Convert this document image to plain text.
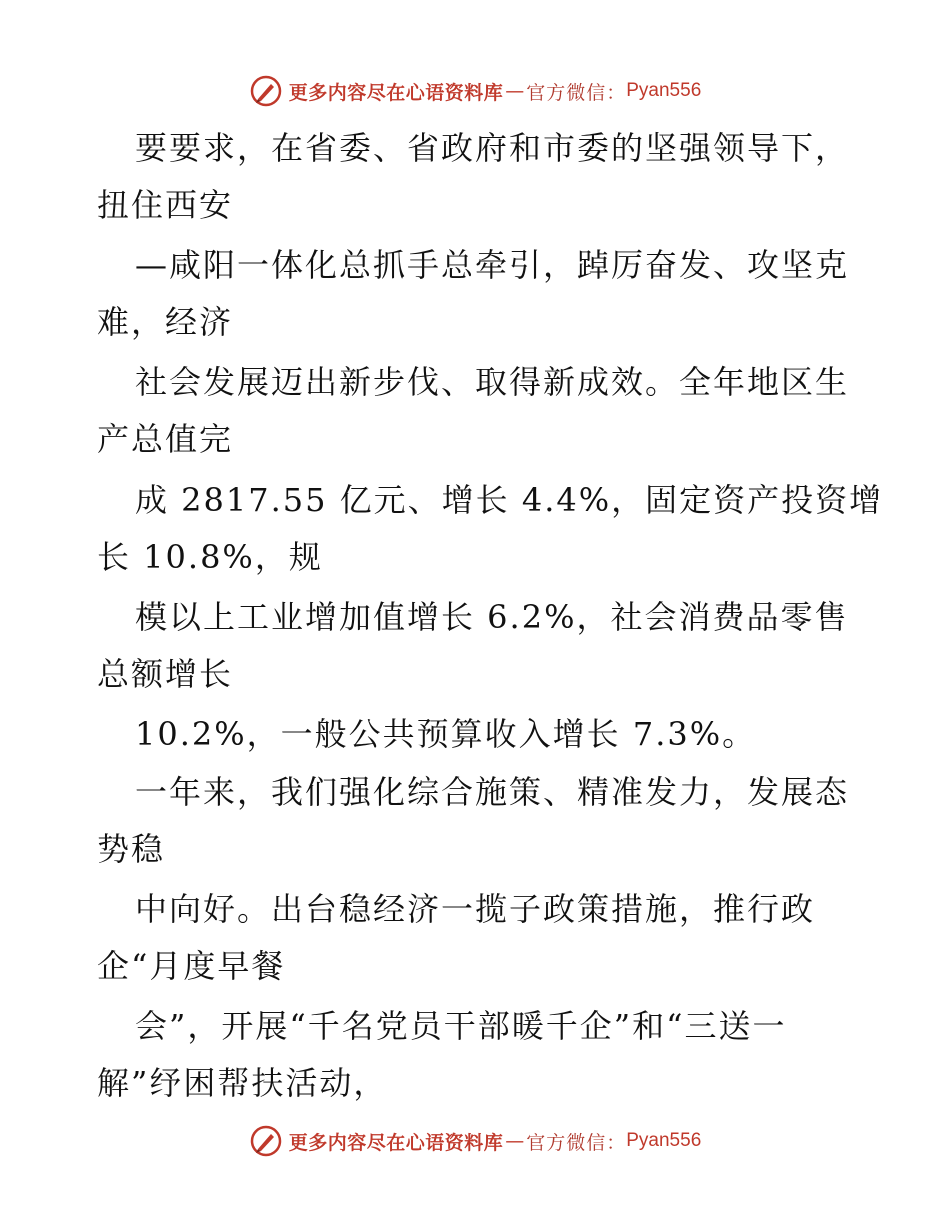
更多内容尽在心语资料库 — 官方微信： Pyan556
要要求，在省委、省政府和市委的坚强领导下，
扭住西安
—咸阳一体化总抓手总牵引，踔厉奋发、攻坚克
难，经济
社会发展迈出新步伐、取得新成效。全年地区生
产总值完
成 2817.55 亿元、增长 4.4%，固定资产投资增
长 10.8%，规
模以上工业增加值增长 6.2%，社会消费品零售
总额增长
10.2%，一般公共预算收入增长 7.3%。
一年来，我们强化综合施策、精准发力，发展态
势稳
中向好。出台稳经济一揽子政策措施，推行政
企“月度早餐
会”，开展“千名党员干部暖千企”和“三送一
解”纾困帮扶活动，
更多内容尽在心语资料库 — 官方微信： Pyan556
